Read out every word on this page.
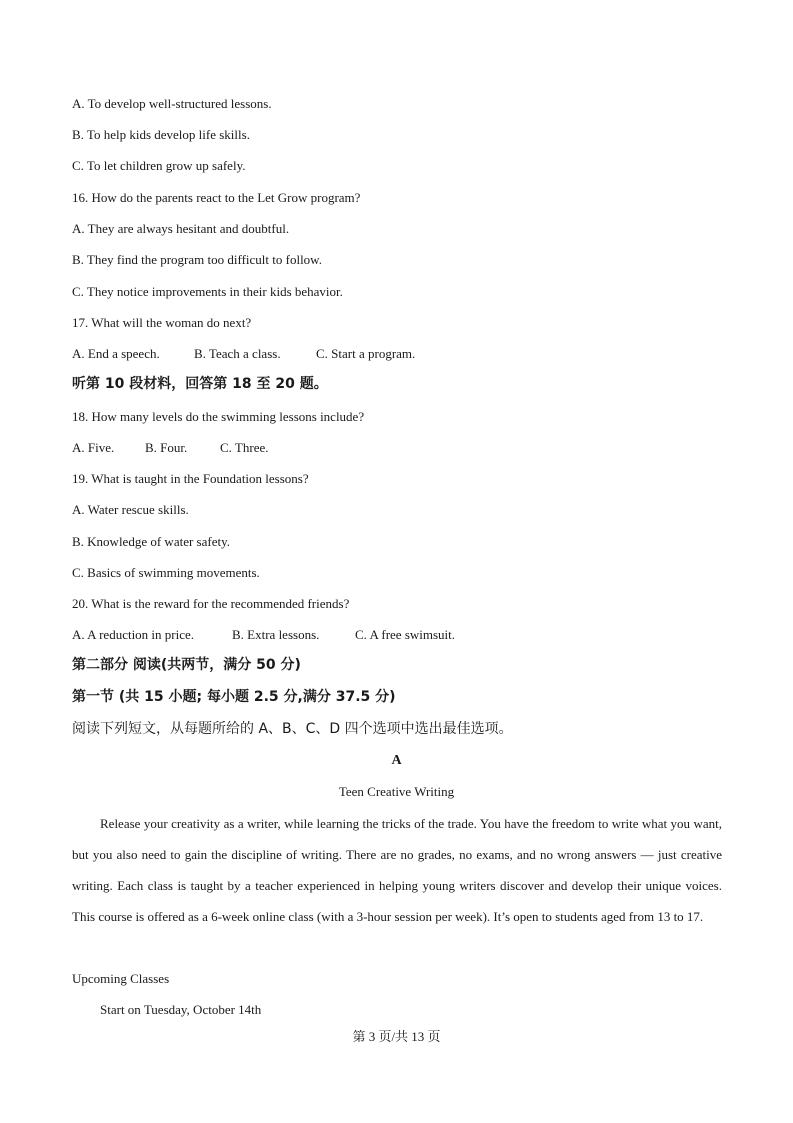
A. To develop well-structured lessons.
B. To help kids develop life skills.
C. To let children grow up safely.
16. How do the parents react to the Let Grow program?
A. They are always hesitant and doubtful.
B. They find the program too difficult to follow.
C. They notice improvements in their kids behavior.
17. What will the woman do next?
A. End a speech.	B. Teach a class.	C. Start a program.
听第 10 段材料，回答第 18 至 20 题。
18. How many levels do the swimming lessons include?
A. Five. B. Four.	C. Three.
19. What is taught in the Foundation lessons?
A. Water rescue skills.
B. Knowledge of water safety.
C. Basics of swimming movements.
20. What is the reward for the recommended friends?
A. A reduction in price.	B. Extra lessons.	C. A free swimsuit.
第二部分 阅读(共两节，满分 50 分)
第一节 (共 15 小题; 每小题 2.5 分,满分 37.5 分)
阅读下列短文，从每题所给的 A、B、C、D 四个选项中选出最佳选项。
A
Teen Creative Writing
Release your creativity as a writer, while learning the tricks of the trade. You have the freedom to write what you want, but you also need to gain the discipline of writing. There are no grades, no exams, and no wrong answers — just creative writing. Each class is taught by a teacher experienced in helping young writers discover and develop their unique voices. This course is offered as a 6-week online class (with a 3-hour session per week). It’s open to students aged from 13 to 17.
Upcoming Classes
Start on Tuesday, October 14th
第 3 页/共 13 页
